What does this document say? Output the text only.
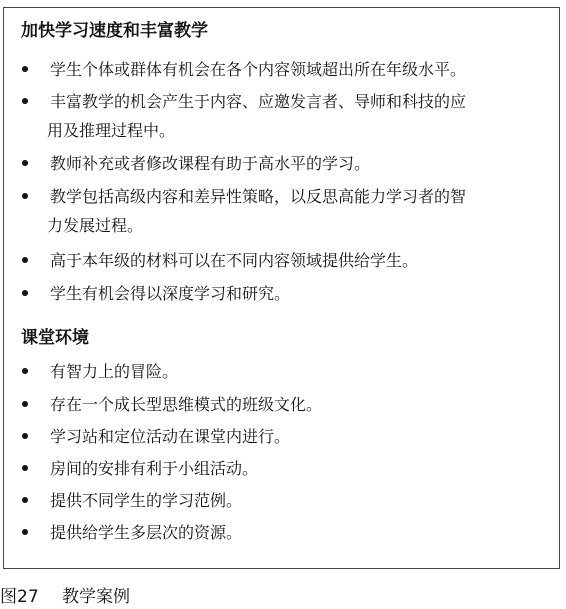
加快学习速度和丰富教学
学生个体或群体有机会在各个内容领域超出所在年级水平。
丰富教学的机会产生于内容、应邀发言者、导师和科技的应
用及推理过程中。
教师补充或者修改课程有助于高水平的学习。
教学包括高级内容和差异性策略，以反思高能力学习者的智
力发展过程。
高于本年级的材料可以在不同内容领域提供给学生。
学生有机会得以深度学习和研究。
课堂环境
有智力上的冒险。
存在一个成长型思维模式的班级文化。
学习站和定位活动在课堂内进行。
房间的安排有利于小组活动。
提供不同学生的学习范例。
提供给学生多层次的资源。
图27 教学案例
